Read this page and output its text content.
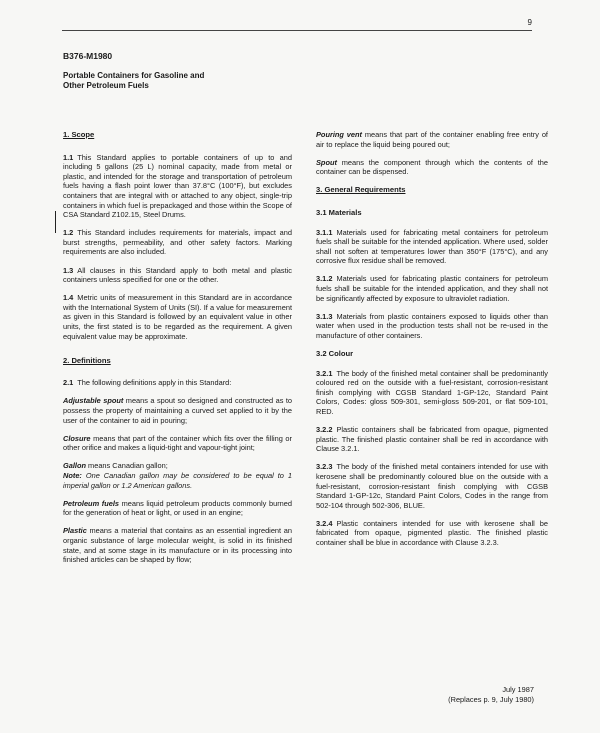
9
B376-M1980
Portable Containers for Gasoline and Other Petroleum Fuels
1. Scope

1.1 This Standard applies to portable containers of up to and including 5 gallons (25 L) nominal capacity, made from metal or plastic, and intended for the storage and transportation of petroleum fuels having a flash point lower than 37.8°C (100°F), but excludes containers that are integral with or attached to any object, single-trip containers in which fuel is prepackaged and those within the Scope of CSA Standard Z102.15, Steel Drums.

1.2 This Standard includes requirements for materials, impact and burst strengths, permeability, and other safety factors. Marking requirements are also included.

1.3 All clauses in this Standard apply to both metal and plastic containers unless specified for one or the other.

1.4 Metric units of measurement in this Standard are in accordance with the International System of Units (SI). If a value for measurement as given in this Standard is followed by an equivalent value in other units, the first stated is to be regarded as the requirement. A given equivalent value may be approximate.

2. Definitions

2.1 The following definitions apply in this Standard:

Adjustable spout means a spout so designed and constructed as to possess the property of maintaining a curved set applied to it by the user of the container to aid in pouring;

Closure means that part of the container which fits over the filling or other orifice and makes a liquid-tight and vapour-tight joint;

Gallon means Canadian gallon;
Note: One Canadian gallon may be considered to be equal to 1 imperial gallon or 1.2 American gallons.

Petroleum fuels means liquid petroleum products commonly burned for the generation of heat or light, or used in an engine;

Plastic means a material that contains as an essential ingredient an organic substance of large molecular weight, is solid in its finished state, and at some stage in its manufacture or in its processing into finished articles can be shaped by flow;

Pouring vent means that part of the container enabling free entry of air to replace the liquid being poured out;

Spout means the component through which the contents of the container can be dispensed.

3. General Requirements
3.1 Materials

3.1.1 Materials used for fabricating metal containers for petroleum fuels shall be suitable for the intended application. Where used, solder shall not soften at temperatures lower than 350°F (175°C), and any corrosive flux residue shall be removed.

3.1.2 Materials used for fabricating plastic containers for petroleum fuels shall be suitable for the intended application, and they shall not be significantly affected by exposure to ultraviolet radiation.

3.1.3 Materials from plastic containers exposed to liquids other than water when used in the production tests shall not be re-used in the manufacture of other containers.

3.2 Colour

3.2.1 The body of the finished metal container shall be predominantly coloured red on the outside with a fuel-resistant, corrosion-resistant finish complying with CGSB Standard 1-GP-12c, Standard Paint Colors, Codes: gloss 509-301, semi-gloss 509-201, or flat 509-101, RED.

3.2.2 Plastic containers shall be fabricated from opaque, pigmented plastic. The finished plastic container shall be red in accordance with Clause 3.2.1.

3.2.3 The body of the finished metal containers intended for use with kerosene shall be predominantly coloured blue on the outside with a fuel-resistant, corrosion-resistant finish complying with CGSB Standard 1-GP-12c, Standard Paint Colors, Codes in the range from 502-104 through 502-306, BLUE.

3.2.4 Plastic containers intended for use with kerosene shall be fabricated from opaque, pigmented plastic. The finished plastic container shall be blue in accordance with Clause 3.2.3.

July 1987
(Replaces p. 9, July 1980)
